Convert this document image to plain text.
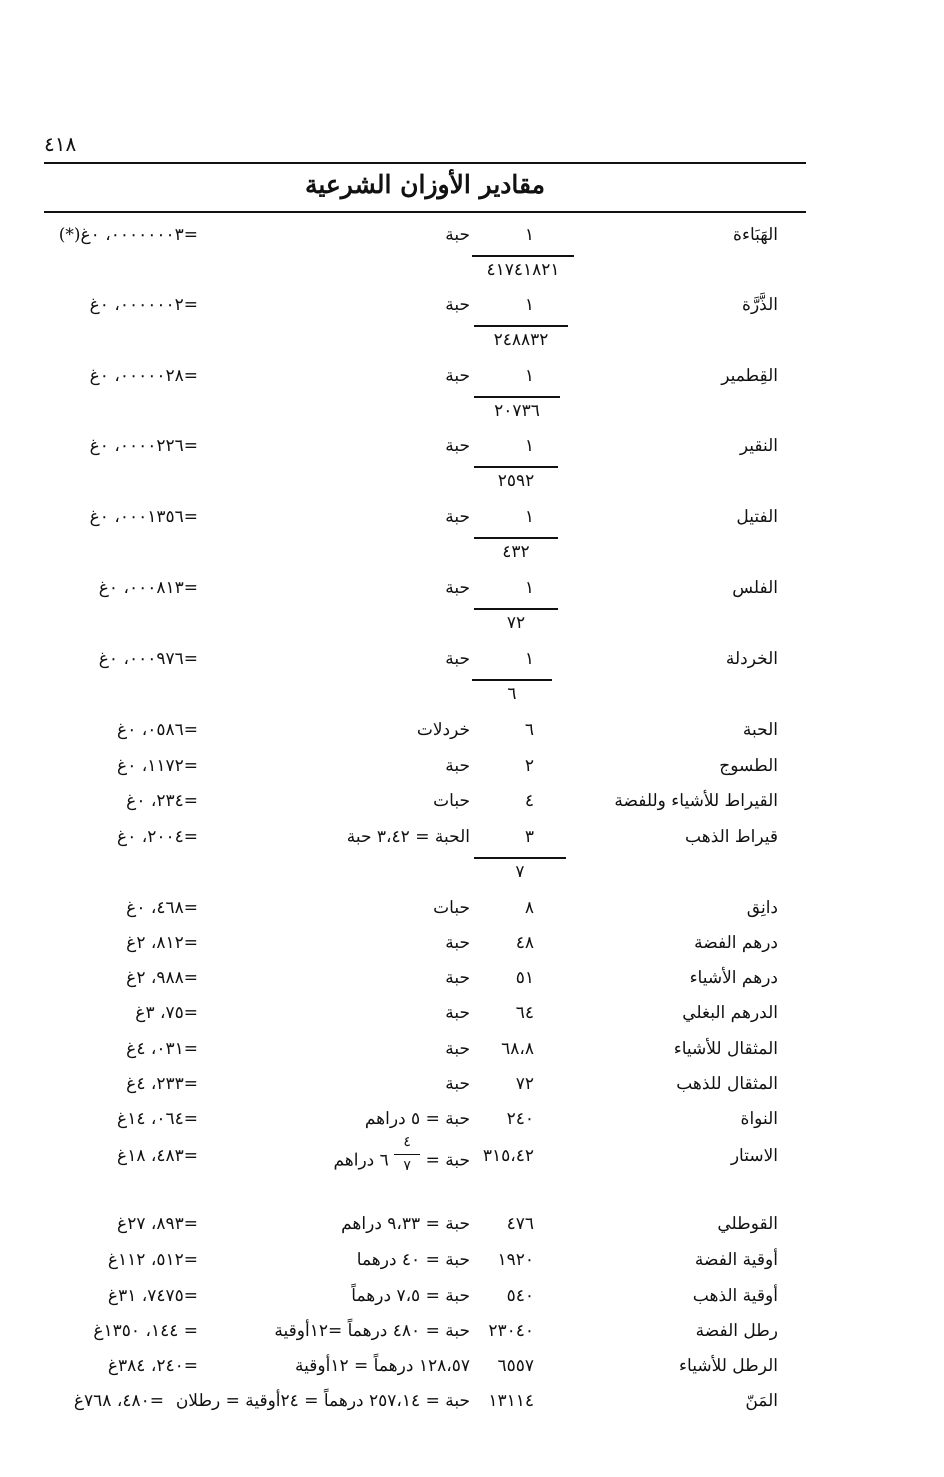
٤١٨
مقادير الأوزان الشرعية
الهَبَاءة
١
حبة
=٠٠٠٠٠٠٠٣، ٠غ(*)
٤١٧٤١٨٢١
الذَّرَّة
١
حبة
=٠٠٠٠٠٠٢، ٠غ
٢٤٨٨٣٢
القِطمير
١
حبة
=٠٠٠٠٠٢٨، ٠غ
٢٠٧٣٦
النقير
١
حبة
=٠٠٠٠٢٢٦، ٠غ
٢٥٩٢
الفتيل
١
حبة
=٠٠٠١٣٥٦، ٠غ
٤٣٢
الفلس
١
حبة
=٠٠٠٨١٣، ٠غ
٧٢
الخردلة
١
حبة
=٠٠٠٩٧٦، ٠غ
٦
الحبة
٦
خردلات
=٠٥٨٦، ٠غ
الطسوج
٢
حبة
=١١٧٢، ٠غ
القيراط للأشياء وللفضة
٤
حبات
=٢٣٤، ٠غ
قيراط الذهب
٣
الحبة = ٣،٤٢ حبة
=٢٠٠٤، ٠غ
٧
دانِق
٨
حبات
=٤٦٨، ٠غ
درهم الفضة
٤٨
حبة
=٨١٢، ٢غ
درهم الأشياء
٥١
حبة
=٩٨٨، ٢غ
الدرهم البغلي
٦٤
حبة
=٧٥، ٣غ
المثقال للأشياء
٦٨،٨
حبة
=٠٣١، ٤غ
المثقال للذهب
٧٢
حبة
=٢٣٣، ٤غ
النواة
٢٤٠
حبة = ٥ دراهم
=٠٦٤، ١٤غ
الاستار
٣١٥،٤٢
حبة =
$\frac{٤}{٧}$
٦ دراهم
=٤٨٣، ١٨غ
القوطلي
٤٧٦
حبة = ٩،٣٣ دراهم
=٨٩٣، ٢٧غ
أوقية الفضة
١٩٢٠
حبة = ٤٠ درهما
=٥١٢، ١١٢غ
أوقية الذهب
٥٤٠
حبة = ٧،٥ درهماً
=٧٤٧٥، ٣١غ
رطل الفضة
٢٣٠٤٠
حبة = ٤٨٠ درهماً =١٢أوقية
= ١٤٤، ١٣٥٠غ
الرطل للأشياء
٦٥٥٧
١٢٨،٥٧ درهماً = ١٢أوقية
=٢٤٠، ٣٨٤غ
المَنّ
١٣١١٤
حبة = ٢٥٧،١٤ درهماً = ٢٤أوقية = رطلان
=٤٨٠، ٧٦٨غ
